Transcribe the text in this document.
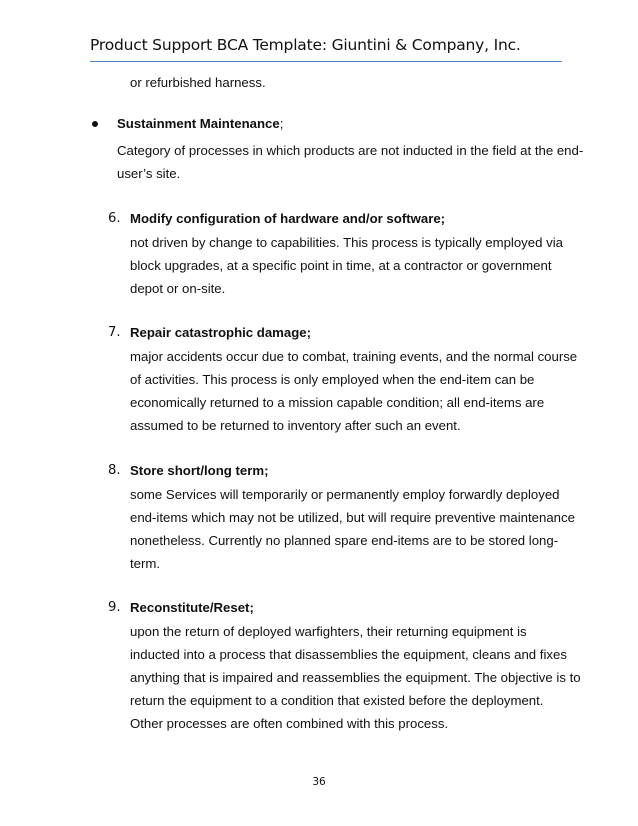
Product Support BCA Template: Giuntini & Company, Inc.
or refurbished harness.
Sustainment Maintenance;
Category of processes in which products are not inducted in the field at the end-
user’s site.
6. Modify configuration of hardware and/or software;
not driven by change to capabilities. This process is typically employed via
block upgrades, at a specific point in time, at a contractor or government
depot or on-site.
7. Repair catastrophic damage;
major accidents occur due to combat, training events, and the normal course
of activities. This process is only employed when the end-item can be
economically returned to a mission capable condition; all end-items are
assumed to be returned to inventory after such an event.
8. Store short/long term;
some Services will temporarily or permanently employ forwardly deployed
end-items which may not be utilized, but will require preventive maintenance
nonetheless. Currently no planned spare end-items are to be stored long-
term.
9. Reconstitute/Reset;
upon the return of deployed warfighters, their returning equipment is
inducted into a process that disassemblies the equipment, cleans and fixes
anything that is impaired and reassemblies the equipment. The objective is to
return the equipment to a condition that existed before the deployment.
Other processes are often combined with this process.
36
